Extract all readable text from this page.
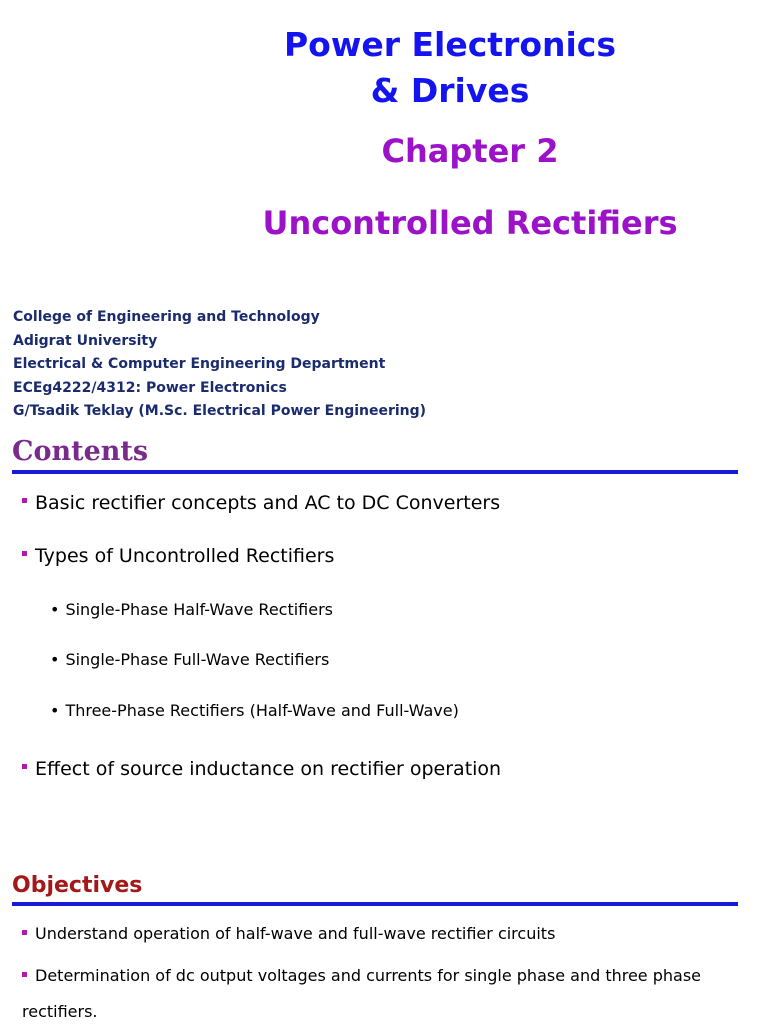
Power Electronics
& Drives
Chapter 2
Uncontrolled Rectifiers
College of Engineering and Technology
Adigrat University
Electrical & Computer Engineering Department
ECEg4222/4312: Power Electronics
G/Tsadik Teklay (M.Sc. Electrical Power Engineering)
Contents
Basic rectifier concepts and AC to DC Converters
Types of Uncontrolled Rectifiers
• Single-Phase Half-Wave Rectifiers
• Single-Phase Full-Wave Rectifiers
• Three-Phase Rectifiers (Half-Wave and Full-Wave)
Effect of source inductance on rectifier operation
Objectives
Understand operation of half-wave and full-wave rectifier circuits
Determination of dc output voltages and currents for single phase and three phase rectifiers.
